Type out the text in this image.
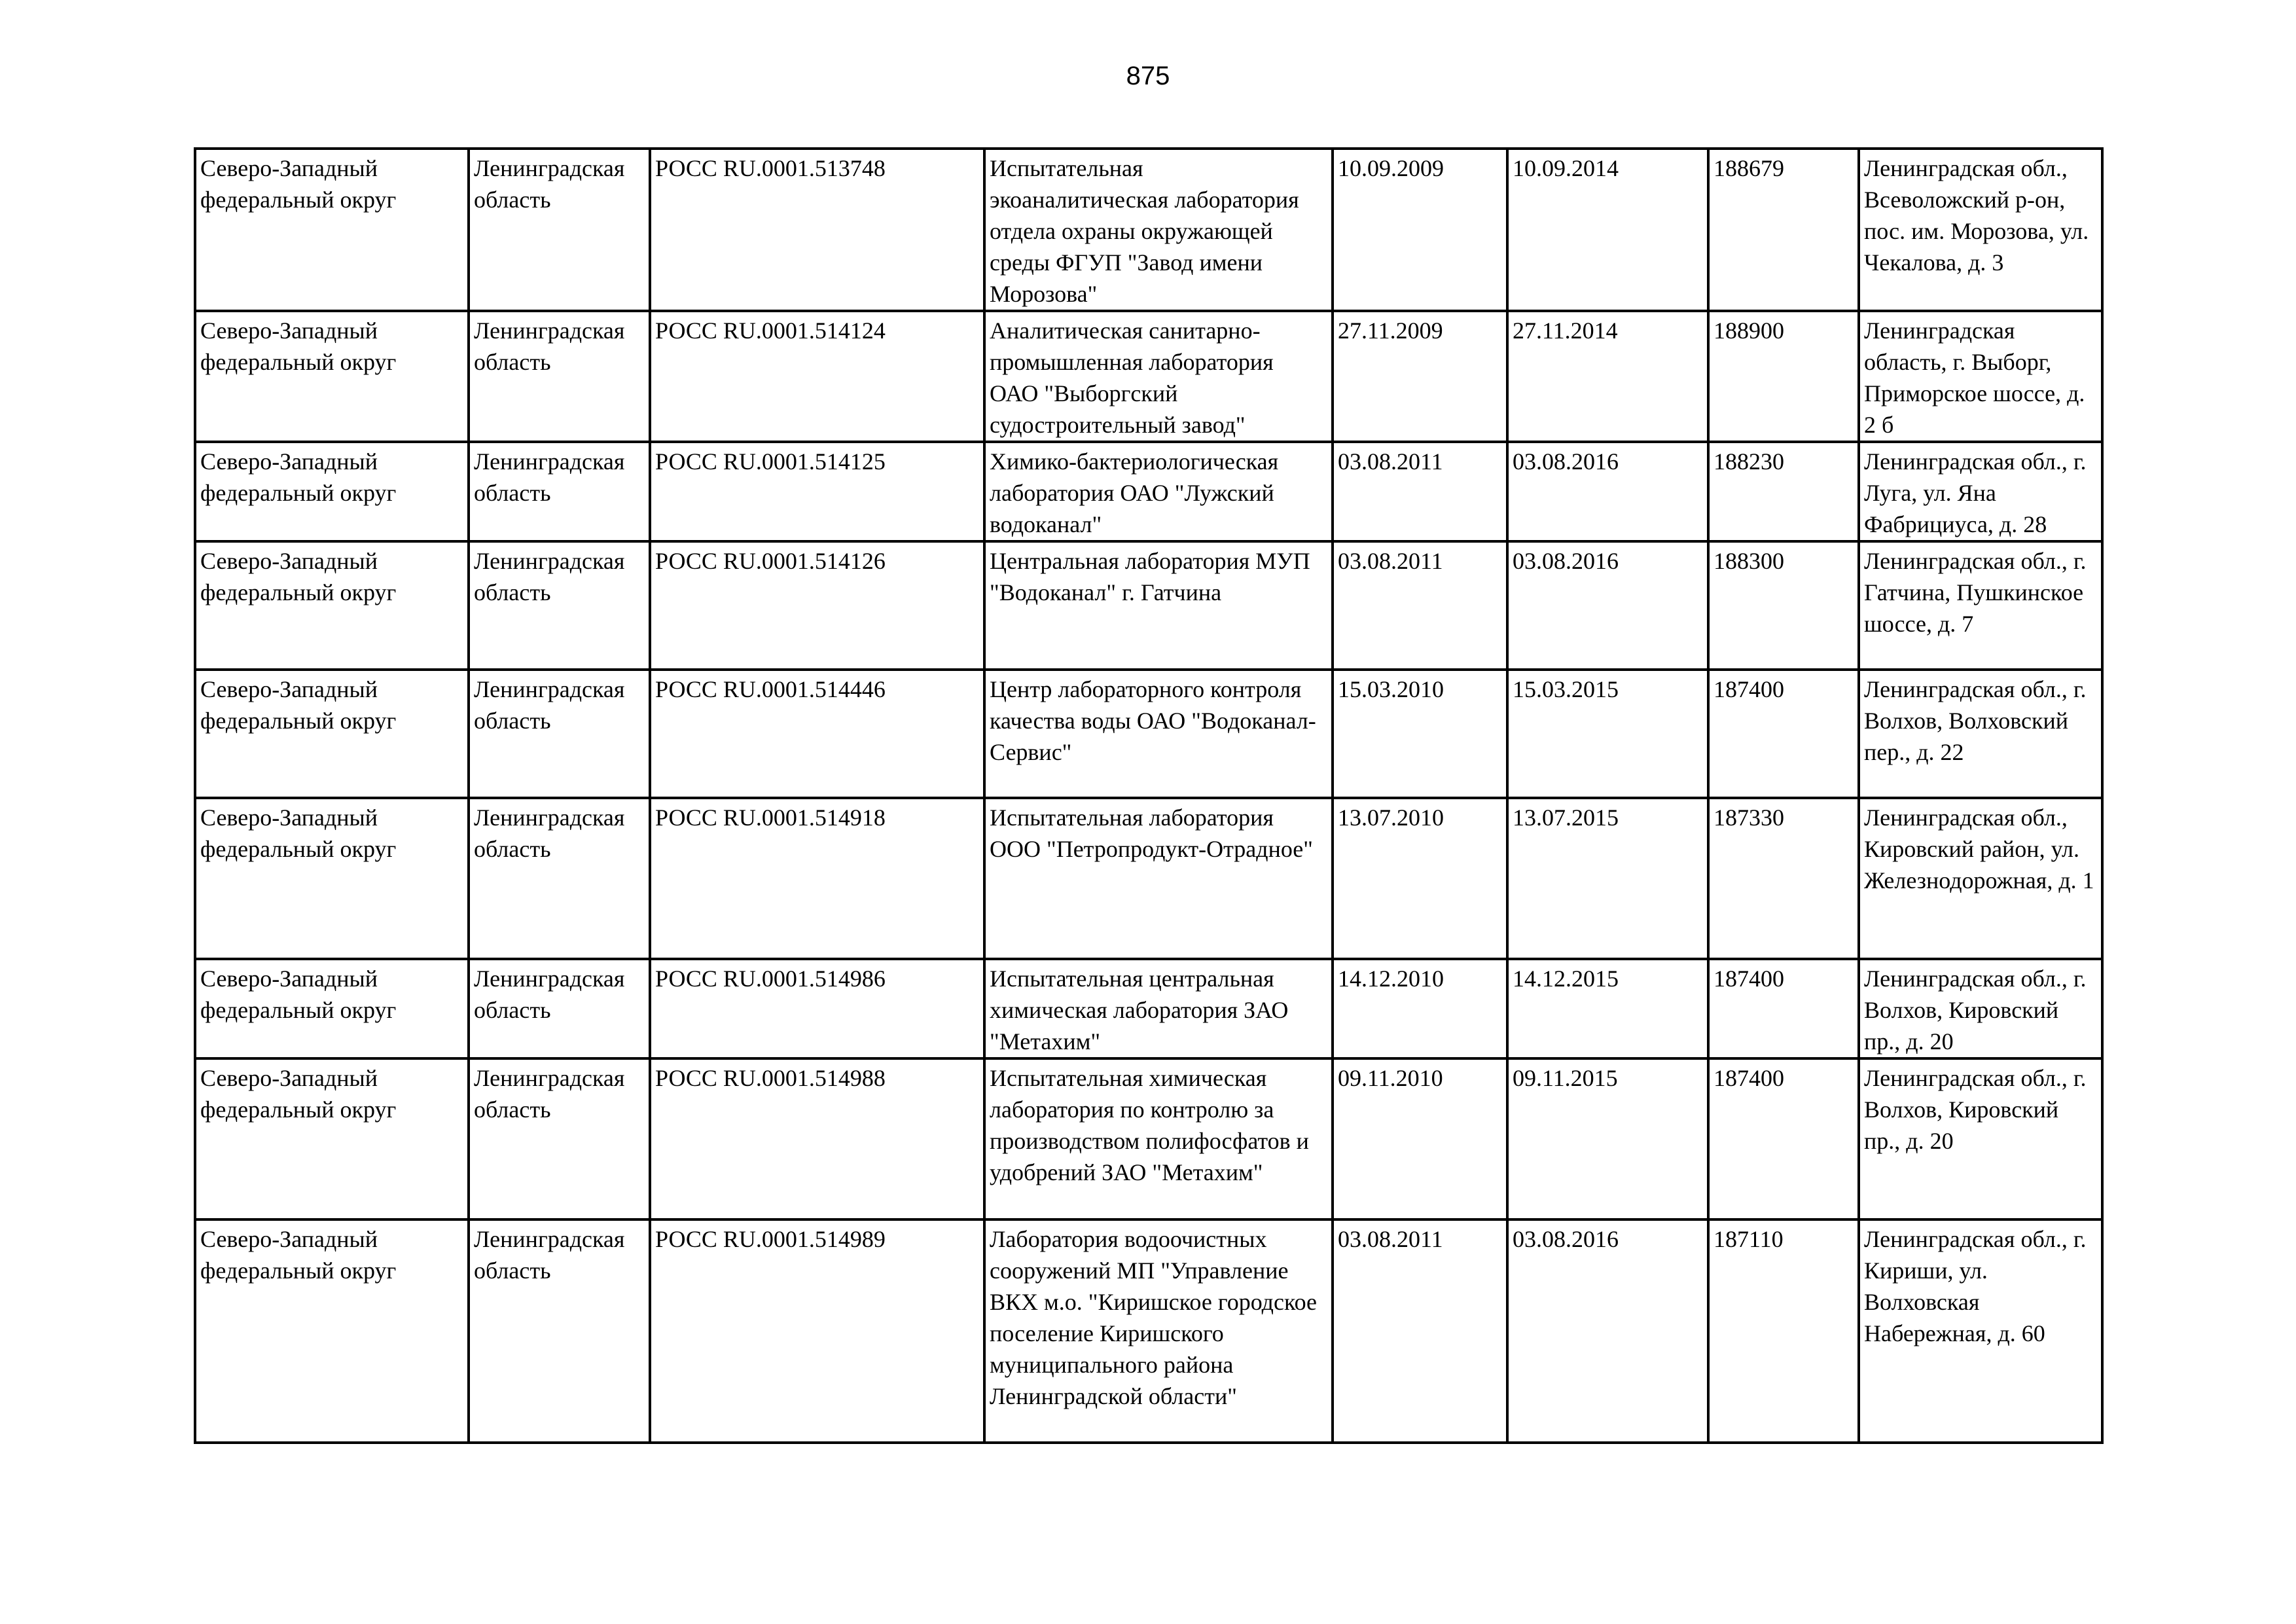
875
Северо-Западный федеральный округ	Ленинградская область	РОСС RU.0001.513748	Испытательная экоаналитическая лаборатория отдела охраны окружающей среды ФГУП "Завод имени Морозова"	10.09.2009	10.09.2014	188679	Ленинградская обл., Всеволожский р-он, пос. им. Морозова, ул. Чекалова, д. 3
Северо-Западный федеральный округ	Ленинградская область	РОСС RU.0001.514124	Аналитическая санитарно-промышленная лаборатория ОАО "Выборгский судостроительный завод"	27.11.2009	27.11.2014	188900	Ленинградская область, г. Выборг, Приморское шоссе, д. 2 б
Северо-Западный федеральный округ	Ленинградская область	РОСС RU.0001.514125	Химико-бактериологическая лаборатория ОАО "Лужский водоканал"	03.08.2011	03.08.2016	188230	Ленинградская обл., г. Луга, ул. Яна Фабрициуса, д. 28
Северо-Западный федеральный округ	Ленинградская область	РОСС RU.0001.514126	Центральная лаборатория МУП "Водоканал" г. Гатчина	03.08.2011	03.08.2016	188300	Ленинградская обл., г. Гатчина, Пушкинское шоссе, д. 7
Северо-Западный федеральный округ	Ленинградская область	РОСС RU.0001.514446	Центр лабораторного контроля качества воды ОАО "Водоканал-Сервис"	15.03.2010	15.03.2015	187400	Ленинградская обл., г. Волхов, Волховский пер., д. 22
Северо-Западный федеральный округ	Ленинградская область	РОСС RU.0001.514918	Испытательная лаборатория ООО "Петропродукт-Отрадное"	13.07.2010	13.07.2015	187330	Ленинградская обл., Кировский район, ул. Железнодорожная, д. 1
Северо-Западный федеральный округ	Ленинградская область	РОСС RU.0001.514986	Испытательная центральная химическая лаборатория ЗАО "Метахим"	14.12.2010	14.12.2015	187400	Ленинградская обл., г. Волхов, Кировский пр., д. 20
Северо-Западный федеральный округ	Ленинградская область	РОСС RU.0001.514988	Испытательная химическая лаборатория по контролю за производством полифосфатов и удобрений ЗАО "Метахим"	09.11.2010	09.11.2015	187400	Ленинградская обл., г. Волхов, Кировский пр., д. 20
Северо-Западный федеральный округ	Ленинградская область	РОСС RU.0001.514989	Лаборатория водоочистных сооружений МП "Управление ВКХ м.о. "Киришское городское поселение Киришского муниципального района Ленинградской области"	03.08.2011	03.08.2016	187110	Ленинградская обл., г. Кириши, ул. Волховская Набережная, д. 60
